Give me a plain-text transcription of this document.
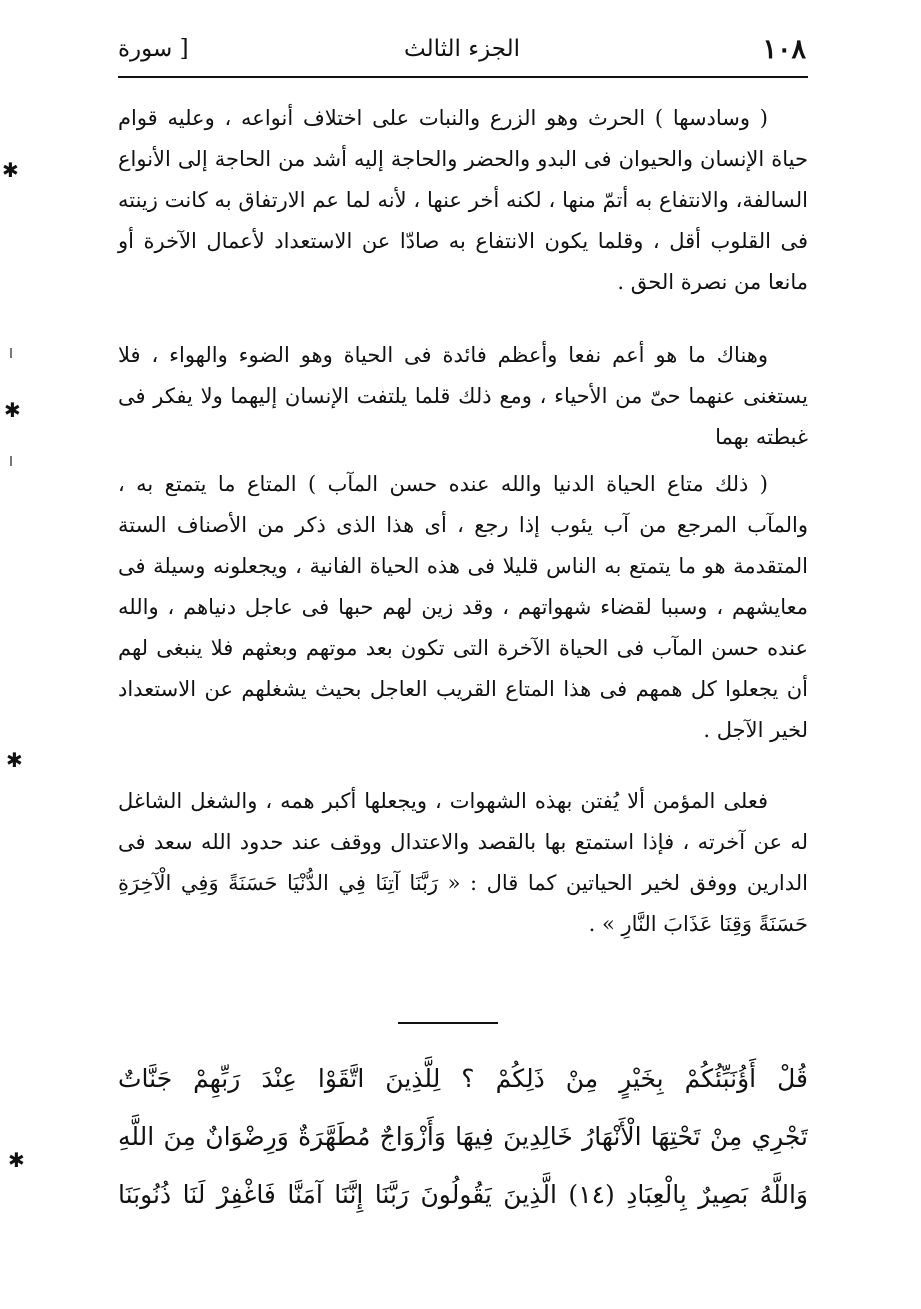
١٠٨
الجزء الثالث
[ سورة

( وسادسها ) الحرث وهو الزرع والنبات على اختلاف أنواعه ، وعليه قوام حياة الإنسان والحيوان فى البدو والحضر والحاجة إليه أشد من الحاجة إلى الأنواع السالفة، والانتفاع به أتمّ منها ، لكنه أخر عنها ، لأنه لما عم الارتفاق به كانت زينته فى القلوب أقل ، وقلما يكون الانتفاع به صادّا عن الاستعداد لأعمال الآخرة أو مانعا من نصرة الحق .

وهناك ما هو أعم نفعا وأعظم فائدة فى الحياة وهو الضوء والهواء ، فلا يستغنى عنهما حىّ من الأحياء ، ومع ذلك قلما يلتفت الإنسان إليهما ولا يفكر فى غبطته بهما

( ذلك متاع الحياة الدنيا والله عنده حسن المآب ) المتاع ما يتمتع به ، والمآب المرجع من آب يئوب إذا رجع ، أى هذا الذى ذكر من الأصناف الستة المتقدمة هو ما يتمتع به الناس قليلا فى هذه الحياة الفانية ، ويجعلونه وسيلة فى معايشهم ، وسببا لقضاء شهواتهم ، وقد زين لهم حبها فى عاجل دنياهم ، والله عنده حسن المآب فى الحياة الآخرة التى تكون بعد موتهم وبعثهم فلا ينبغى لهم أن يجعلوا كل همهم فى هذا المتاع القريب العاجل بحيث يشغلهم عن الاستعداد لخير الآجل .

فعلى المؤمن ألا يُفتن بهذه الشهوات ، ويجعلها أكبر همه ، والشغل الشاغل له عن آخرته ، فإذا استمتع بها بالقصد والاعتدال ووقف عند حدود الله سعد فى الدارين ووفق لخير الحياتين كما قال : « رَبَّنَا آتِنَا فِي الدُّنْيَا حَسَنَةً وَفِي الْآخِرَةِ حَسَنَةً وَقِنَا عَذَابَ النَّارِ » .

قُلْ أَؤُنَبِّئُكُمْ بِخَيْرٍ مِنْ ذَلِكُمْ ؟ لِلَّذِينَ اتَّقَوْا عِنْدَ رَبِّهِمْ جَنَّاتٌ
تَجْرِي مِنْ تَحْتِهَا الْأَنْهَارُ خَالِدِينَ فِيهَا وَأَزْوَاجٌ مُطَهَّرَةٌ وَرِضْوَانٌ مِنَ اللَّهِ
وَاللَّهُ بَصِيرٌ بِالْعِبَادِ (١٤) الَّذِينَ يَقُولُونَ رَبَّنَا إِنَّنَا آمَنَّا فَاغْفِرْ لَنَا ذُنُوبَنَا
✱
✱
✱
✱
